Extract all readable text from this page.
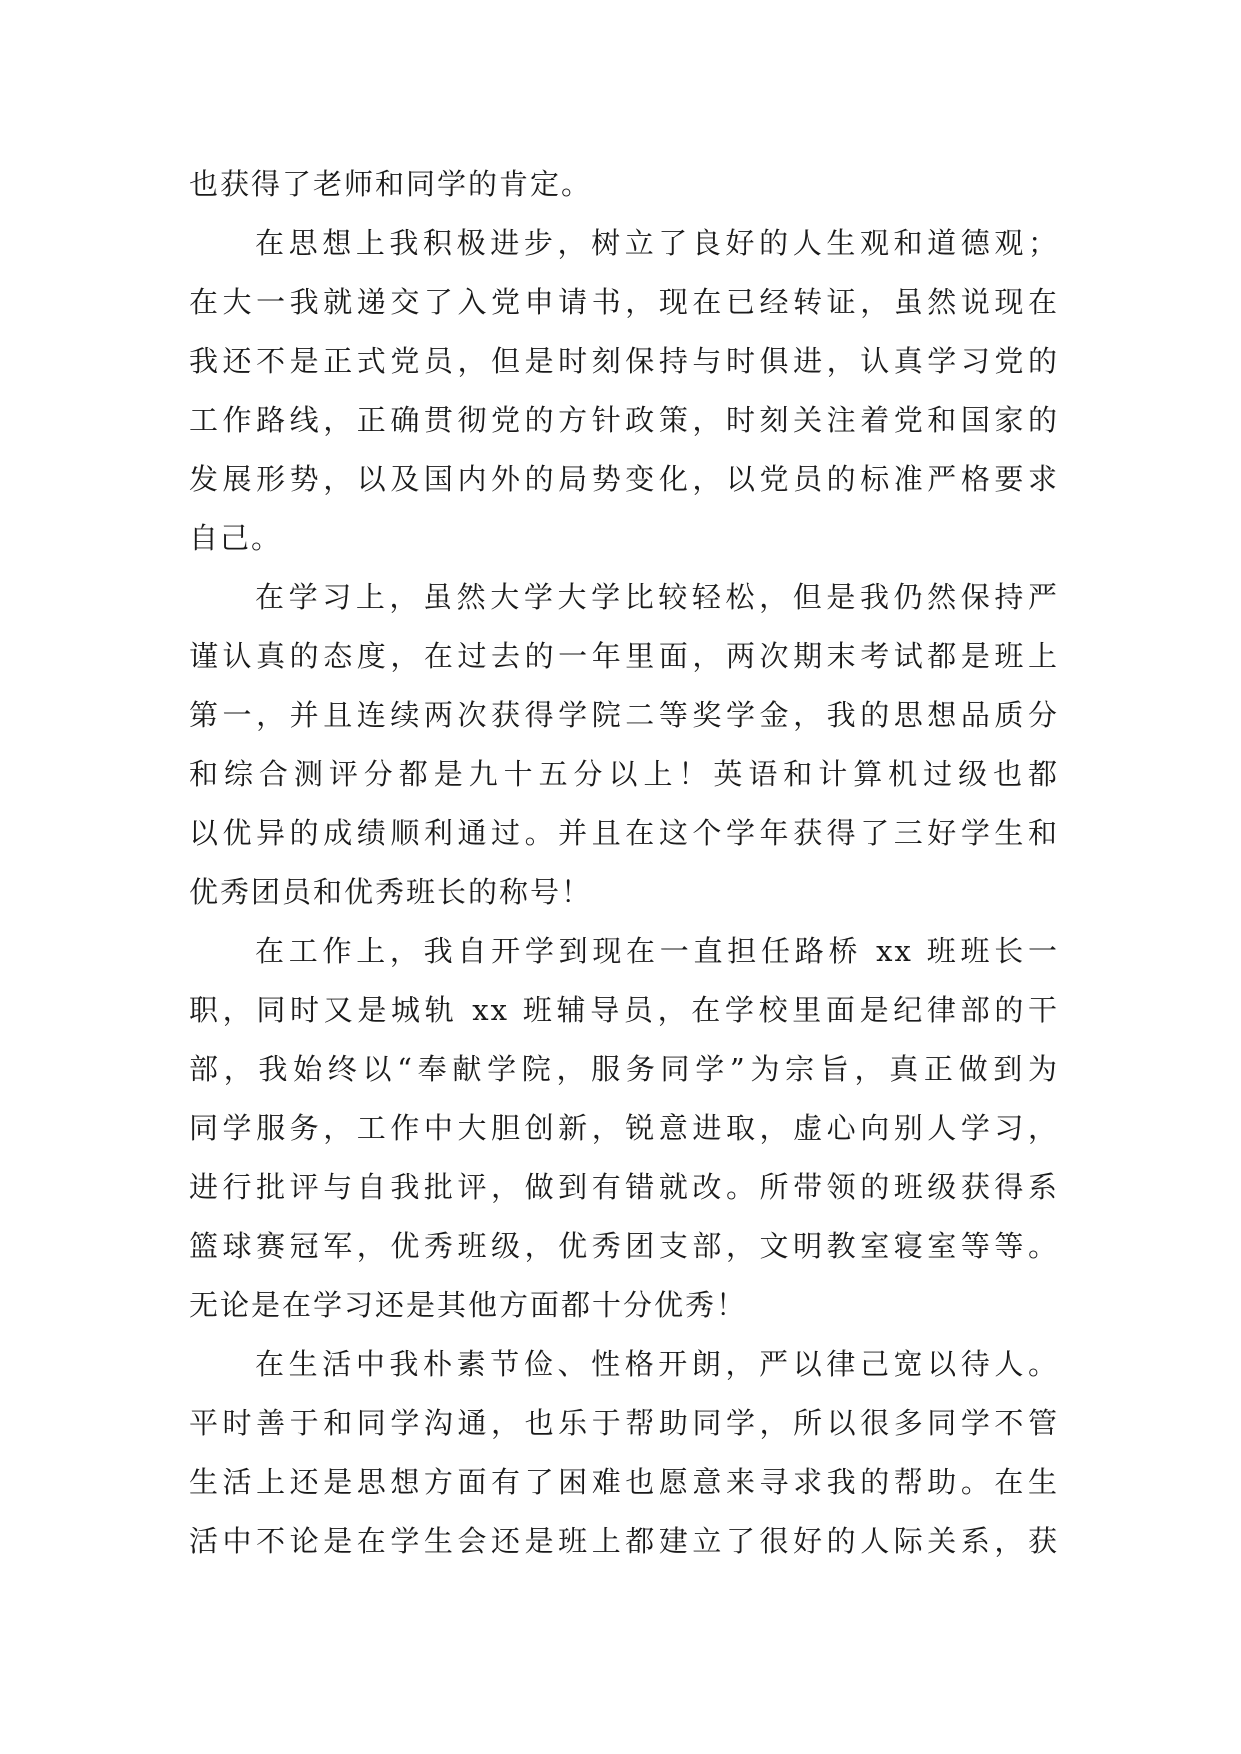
也获得了老师和同学的肯定。
在思想上我积极进步，树立了良好的人生观和道德观；
在大一我就递交了入党申请书，现在已经转证，虽然说现在
我还不是正式党员，但是时刻保持与时俱进，认真学习党的
工作路线，正确贯彻党的方针政策，时刻关注着党和国家的
发展形势，以及国内外的局势变化，以党员的标准严格要求
自己。
在学习上，虽然大学大学比较轻松，但是我仍然保持严
谨认真的态度，在过去的一年里面，两次期末考试都是班上
第一，并且连续两次获得学院二等奖学金，我的思想品质分
和综合测评分都是九十五分以上！英语和计算机过级也都
以优异的成绩顺利通过。并且在这个学年获得了三好学生和
优秀团员和优秀班长的称号！
在工作上，我自开学到现在一直担任路桥 xx 班班长一
职，同时又是城轨 xx 班辅导员，在学校里面是纪律部的干
部，我始终以“奉献学院，服务同学”为宗旨，真正做到为
同学服务，工作中大胆创新，锐意进取，虚心向别人学习，
进行批评与自我批评，做到有错就改。所带领的班级获得系
篮球赛冠军，优秀班级，优秀团支部，文明教室寝室等等。
无论是在学习还是其他方面都十分优秀！
在生活中我朴素节俭、性格开朗，严以律己宽以待人。
平时善于和同学沟通，也乐于帮助同学，所以很多同学不管
生活上还是思想方面有了困难也愿意来寻求我的帮助。在生
活中不论是在学生会还是班上都建立了很好的人际关系，获
